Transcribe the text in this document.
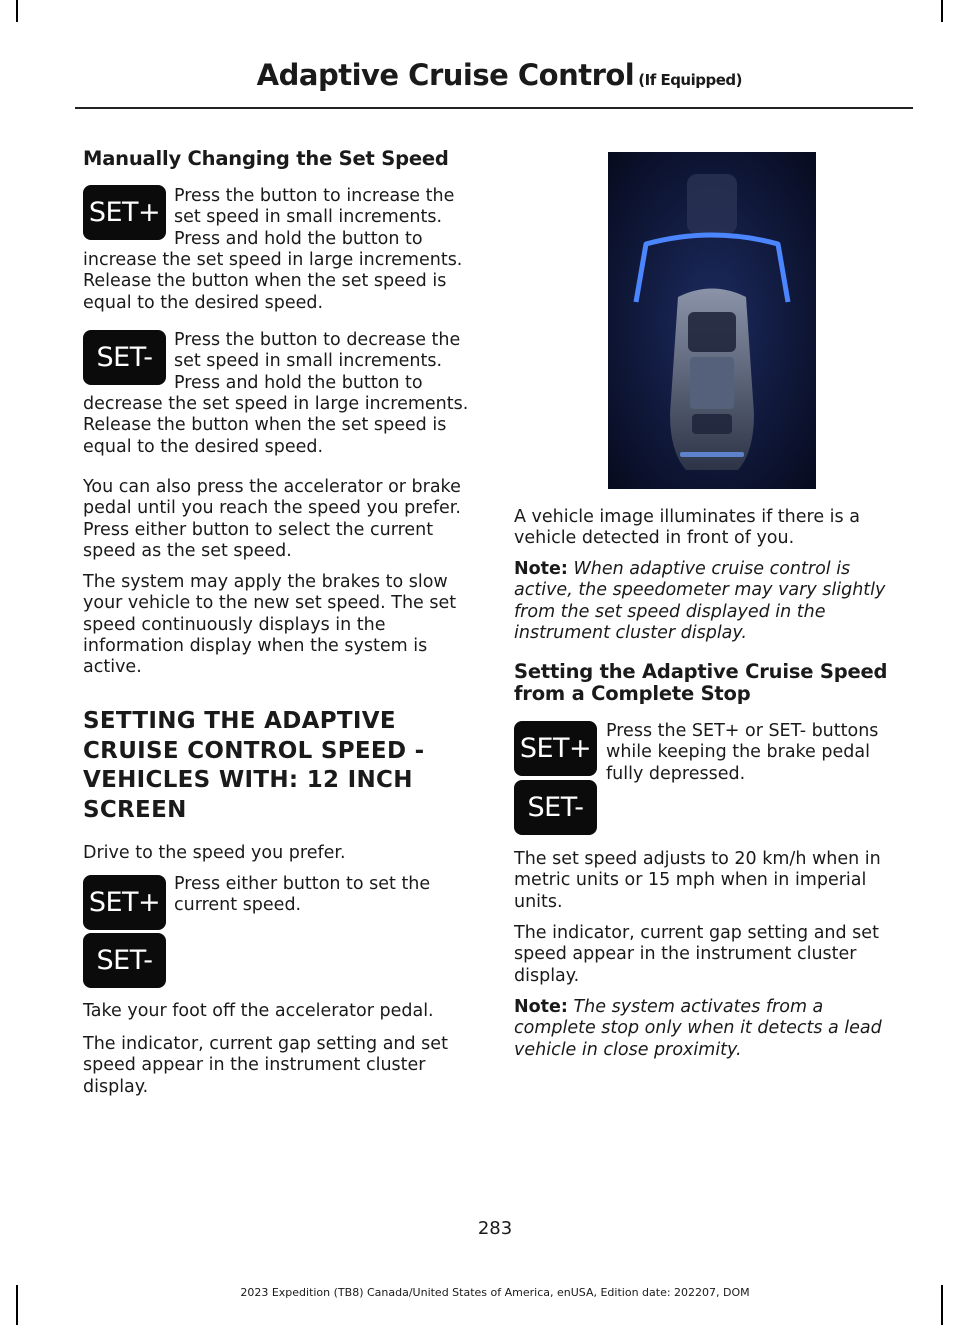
Adaptive Cruise Control (If Equipped)
Manually Changing the Set Speed
SET+

Press the button to increase the set speed in small increments. Press and hold the button to

increase the set speed in large increments. Release the button when the set speed is equal to the desired speed.

SET-

Press the button to decrease the set speed in small increments. Press and hold the button to

decrease the set speed in large increments. Release the button when the set speed is equal to the desired speed.

You can also press the accelerator or brake pedal until you reach the speed you prefer. Press either button to select the current speed as the set speed.

The system may apply the brakes to slow your vehicle to the new set speed. The set speed continuously displays in the information display when the system is active.

SETTING THE ADAPTIVE CRUISE CONTROL SPEED - VEHICLES WITH: 12 INCH SCREEN

Drive to the speed you prefer.

SET+

Press either button to set the current speed.

SET-

Take your foot off the accelerator pedal.

The indicator, current gap setting and set speed appear in the instrument cluster display.

A vehicle image illuminates if there is a vehicle detected in front of you.

Note: When adaptive cruise control is active, the speedometer may vary slightly from the set speed displayed in the instrument cluster display.

Setting the Adaptive Cruise Speed from a Complete Stop
SET+

Press the SET+ or SET- buttons while keeping the brake pedal fully depressed.

SET-

The set speed adjusts to 20 km/h when in metric units or 15 mph when in imperial units.

The indicator, current gap setting and set speed appear in the instrument cluster display.

Note: The system activates from a complete stop only when it detects a lead vehicle in close proximity.

283
2023 Expedition (TB8) Canada/United States of America, enUSA, Edition date: 202207, DOM
